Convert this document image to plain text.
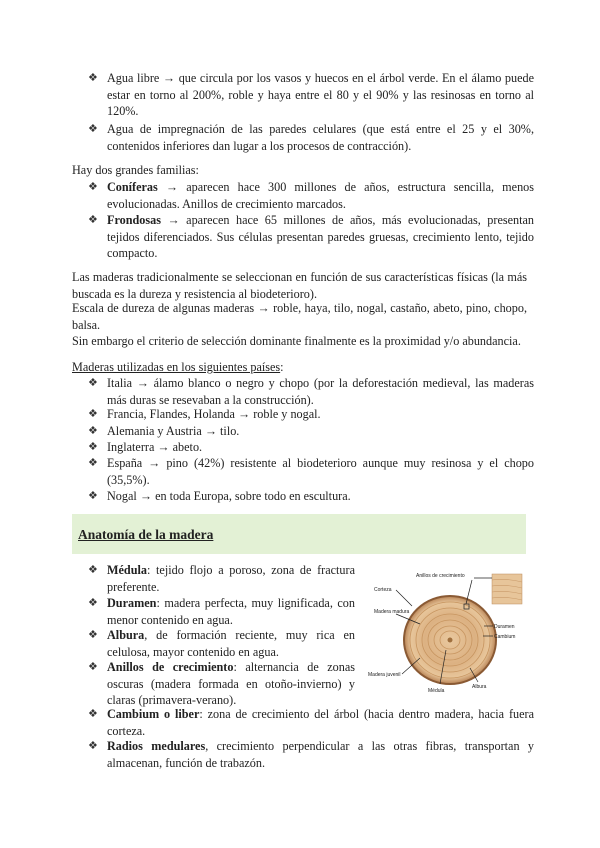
❖ Agua libre → que circula por los vasos y huecos en el árbol verde. En el álamo puede estar en torno al 200%, roble y haya entre el 80 y el 90% y las resinosas en torno al 120%.

❖ Agua de impregnación de las paredes celulares (que está entre el 25 y el 30%, contenidos inferiores dan lugar a los procesos de contracción).

Hay dos grandes familias:

❖ Coníferas → aparecen hace 300 millones de años, estructura sencilla, menos evolucionadas. Anillos de crecimiento marcados.

❖ Frondosas → aparecen hace 65 millones de años, más evolucionadas, presentan tejidos diferenciados. Sus células presentan paredes gruesas, crecimiento lento, tejido compacto.

Las maderas tradicionalmente se seleccionan en función de sus características físicas (la más buscada es la dureza y resistencia al biodeterioro).

Escala de dureza de algunas maderas → roble, haya, tilo, nogal, castaño, abeto, pino, chopo, balsa.

Sin embargo el criterio de selección dominante finalmente es la proximidad y/o abundancia.

Maderas utilizadas en los siguientes países:

❖ Italia → álamo blanco o negro y chopo (por la deforestación medieval, las maderas más duras se resevaban a la construcción).

❖ Francia, Flandes, Holanda → roble y nogal.

❖ Alemania y Austria → tilo.

❖ Inglaterra → abeto.

❖ España → pino (42%) resistente al biodeterioro aunque muy resinosa y el chopo (35,5%).

❖ Nogal → en toda Europa, sobre todo en escultura.

Anatomía de la madera
❖ Médula: tejido flojo a poroso, zona de fractura preferente.

❖ Duramen: madera perfecta, muy lignificada, con menor contenido en agua.

❖ Albura, de formación reciente, muy rica en celulosa, mayor contenido en agua.

❖ Anillos de crecimiento: alternancia de zonas oscuras (madera formada en otoño-invierno) y claras (primavera-verano).

❖ Cambium o liber: zona de crecimiento del árbol (hacia dentro madera, hacia fuera corteza.

❖ Radios medulares, crecimiento perpendicular a las otras fibras, transportan y almacenan, función de trabazón.

Anillos de crecimiento
Corteza
Madera madura
Duramen
Cambium
Madera juvenil
Albura
Médula
